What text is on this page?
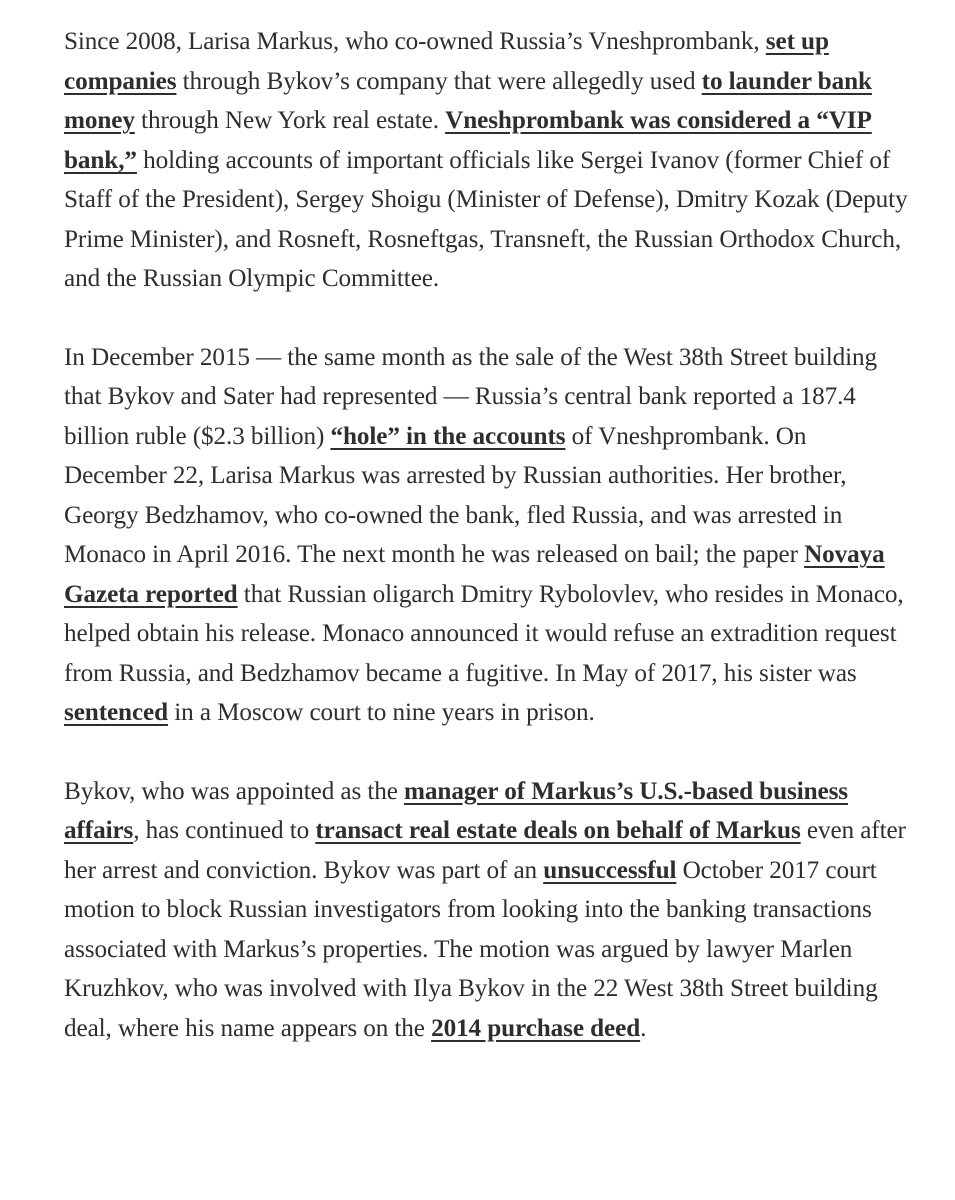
Since 2008, Larisa Markus, who co-owned Russia’s Vneshprombank, set up companies through Bykov’s company that were allegedly used to launder bank money through New York real estate. Vneshprombank was considered a “VIP bank,” holding accounts of important officials like Sergei Ivanov (former Chief of Staff of the President), Sergey Shoigu (Minister of Defense), Dmitry Kozak (Deputy Prime Minister), and Rosneft, Rosneftgas, Transneft, the Russian Orthodox Church, and the Russian Olympic Committee.

In December 2015 — the same month as the sale of the West 38th Street building that Bykov and Sater had represented — Russia’s central bank reported a 187.4 billion ruble ($2.3 billion) “hole” in the accounts of Vneshprombank. On December 22, Larisa Markus was arrested by Russian authorities. Her brother, Georgy Bedzhamov, who co-owned the bank, fled Russia, and was arrested in Monaco in April 2016. The next month he was released on bail; the paper Novaya Gazeta reported that Russian oligarch Dmitry Rybolovlev, who resides in Monaco, helped obtain his release. Monaco announced it would refuse an extradition request from Russia, and Bedzhamov became a fugitive. In May of 2017, his sister was sentenced in a Moscow court to nine years in prison.

Bykov, who was appointed as the manager of Markus’s U.S.-based business affairs, has continued to transact real estate deals on behalf of Markus even after her arrest and conviction. Bykov was part of an unsuccessful October 2017 court motion to block Russian investigators from looking into the banking transactions associated with Markus’s properties. The motion was argued by lawyer Marlen Kruzhkov, who was involved with Ilya Bykov in the 22 West 38th Street building deal, where his name appears on the 2014 purchase deed.
